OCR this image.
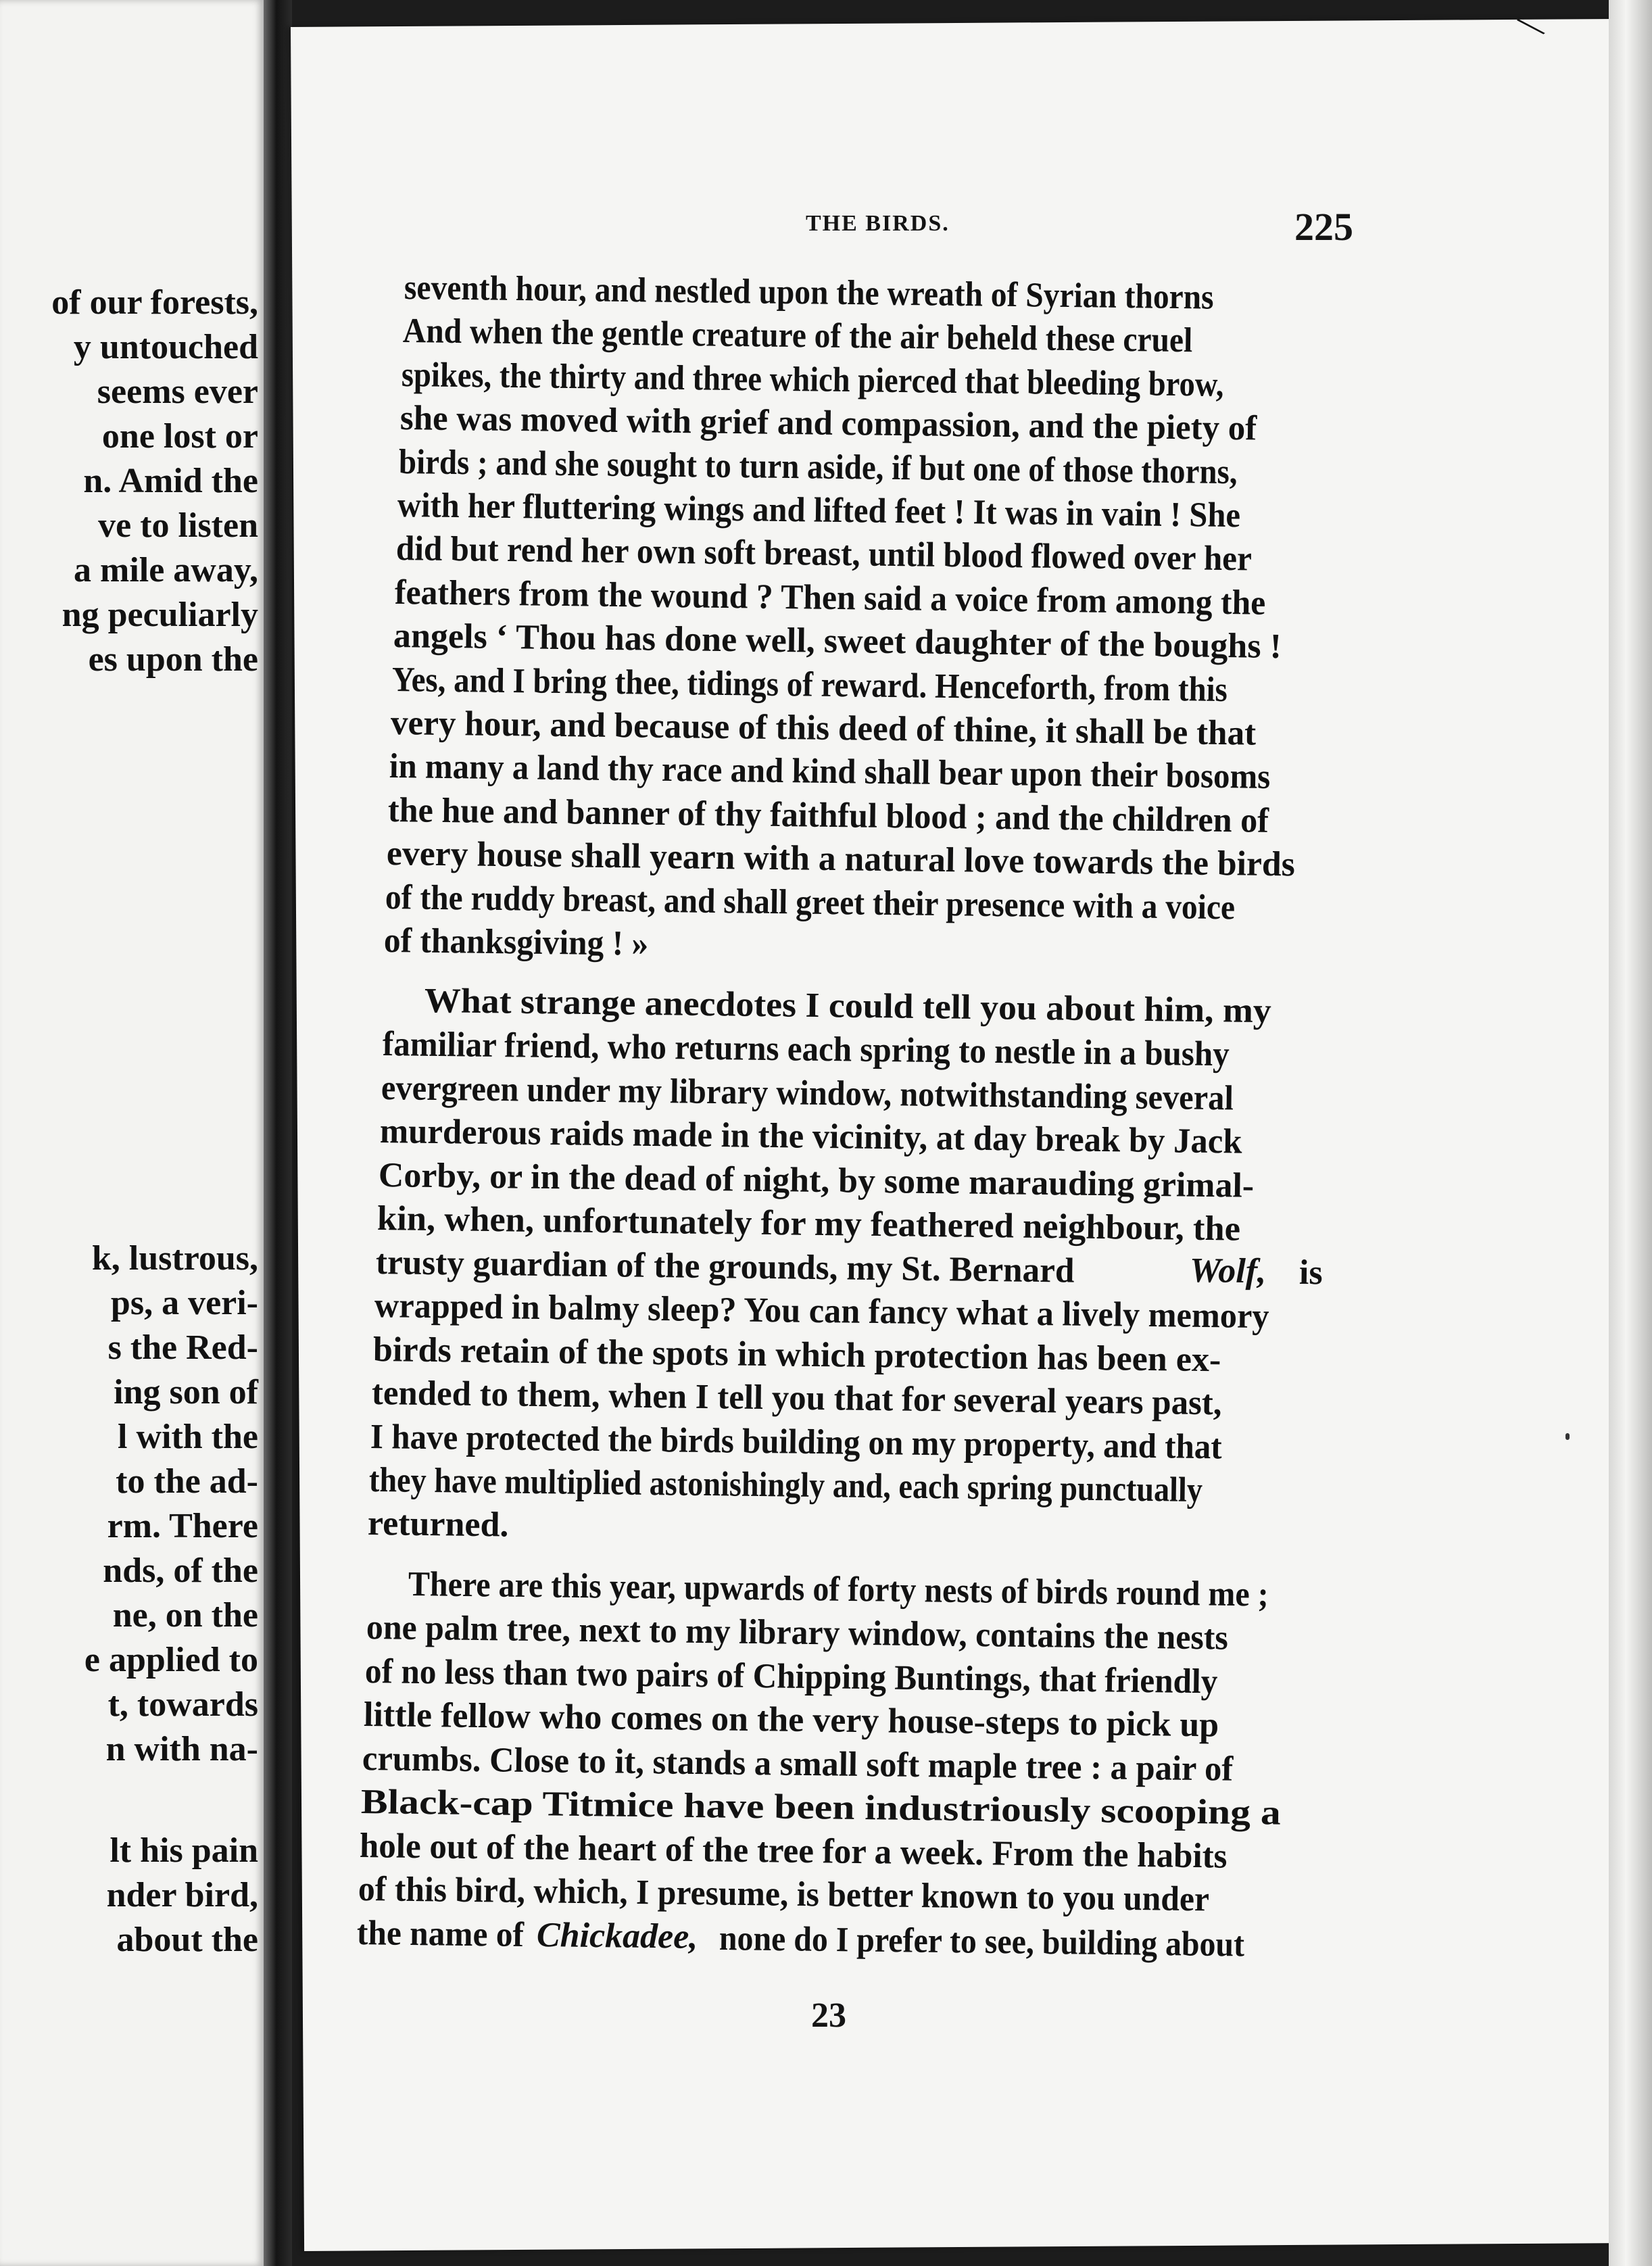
of our forests,
y untouched
seems ever
one lost or
n. Amid the
ve to listen
a mile away,
ng peculiarly
es upon the
k, lustrous,
ps, a veri-
s the Red-
ing son of
l with the
to the ad-
rm. There
nds, of the
ne, on the
e applied to
t, towards
n with na-
lt his pain
nder bird,
about the
╲
THE BIRDS.	225
seventh hour, and nestled upon the wreath of Syrian thorns
And when the gentle creature of the air beheld these cruel
spikes, the thirty and three which pierced that bleeding brow,
she was moved with grief and compassion, and the piety of
birds ; and she sought to turn aside, if but one of those thorns,
with her fluttering wings and lifted feet ! It was in vain ! She
did but rend her own soft breast, until blood flowed over her
feathers from the wound ? Then said a voice from among the
angels ‘ Thou has done well, sweet daughter of the boughs !
Yes, and I bring thee, tidings of reward. Henceforth, from this
very hour, and because of this deed of thine, it shall be that
in many a land thy race and kind shall bear upon their bosoms
the hue and banner of thy faithful blood ; and the children of
every house shall yearn with a natural love towards the birds
of the ruddy breast, and shall greet their presence with a voice
of thanksgiving ! »
What strange anecdotes I could tell you about him, my
familiar friend, who returns each spring to nestle in a bushy
evergreen under my library window, notwithstanding several
murderous raids made in the vicinity, at day break by Jack
Corby, or in the dead of night, by some marauding grimal-
kin, when, unfortunately for my feathered neighbour, the
trusty guardian of the grounds, my St. Bernard	Wolf, is
wrapped in balmy sleep? You can fancy what a lively memory
birds retain of the spots in which protection has been ex-
tended to them, when I tell you that for several years past,
I have protected the birds building on my property, and that
they have multiplied astonishingly and, each spring punctually
returned.
There are this year, upwards of forty nests of birds round me ;
one palm tree, next to my library window, contains the nests
of no less than two pairs of Chipping Buntings, that friendly
little fellow who comes on the very house-steps to pick up
crumbs. Close to it, stands a small soft maple tree : a pair of
Black-cap Titmice have been industriously scooping a
hole out of the heart of the tree for a week. From the habits
of this bird, which, I presume, is better known to you under
the name of Chickadee, none do I prefer to see, building about
23
